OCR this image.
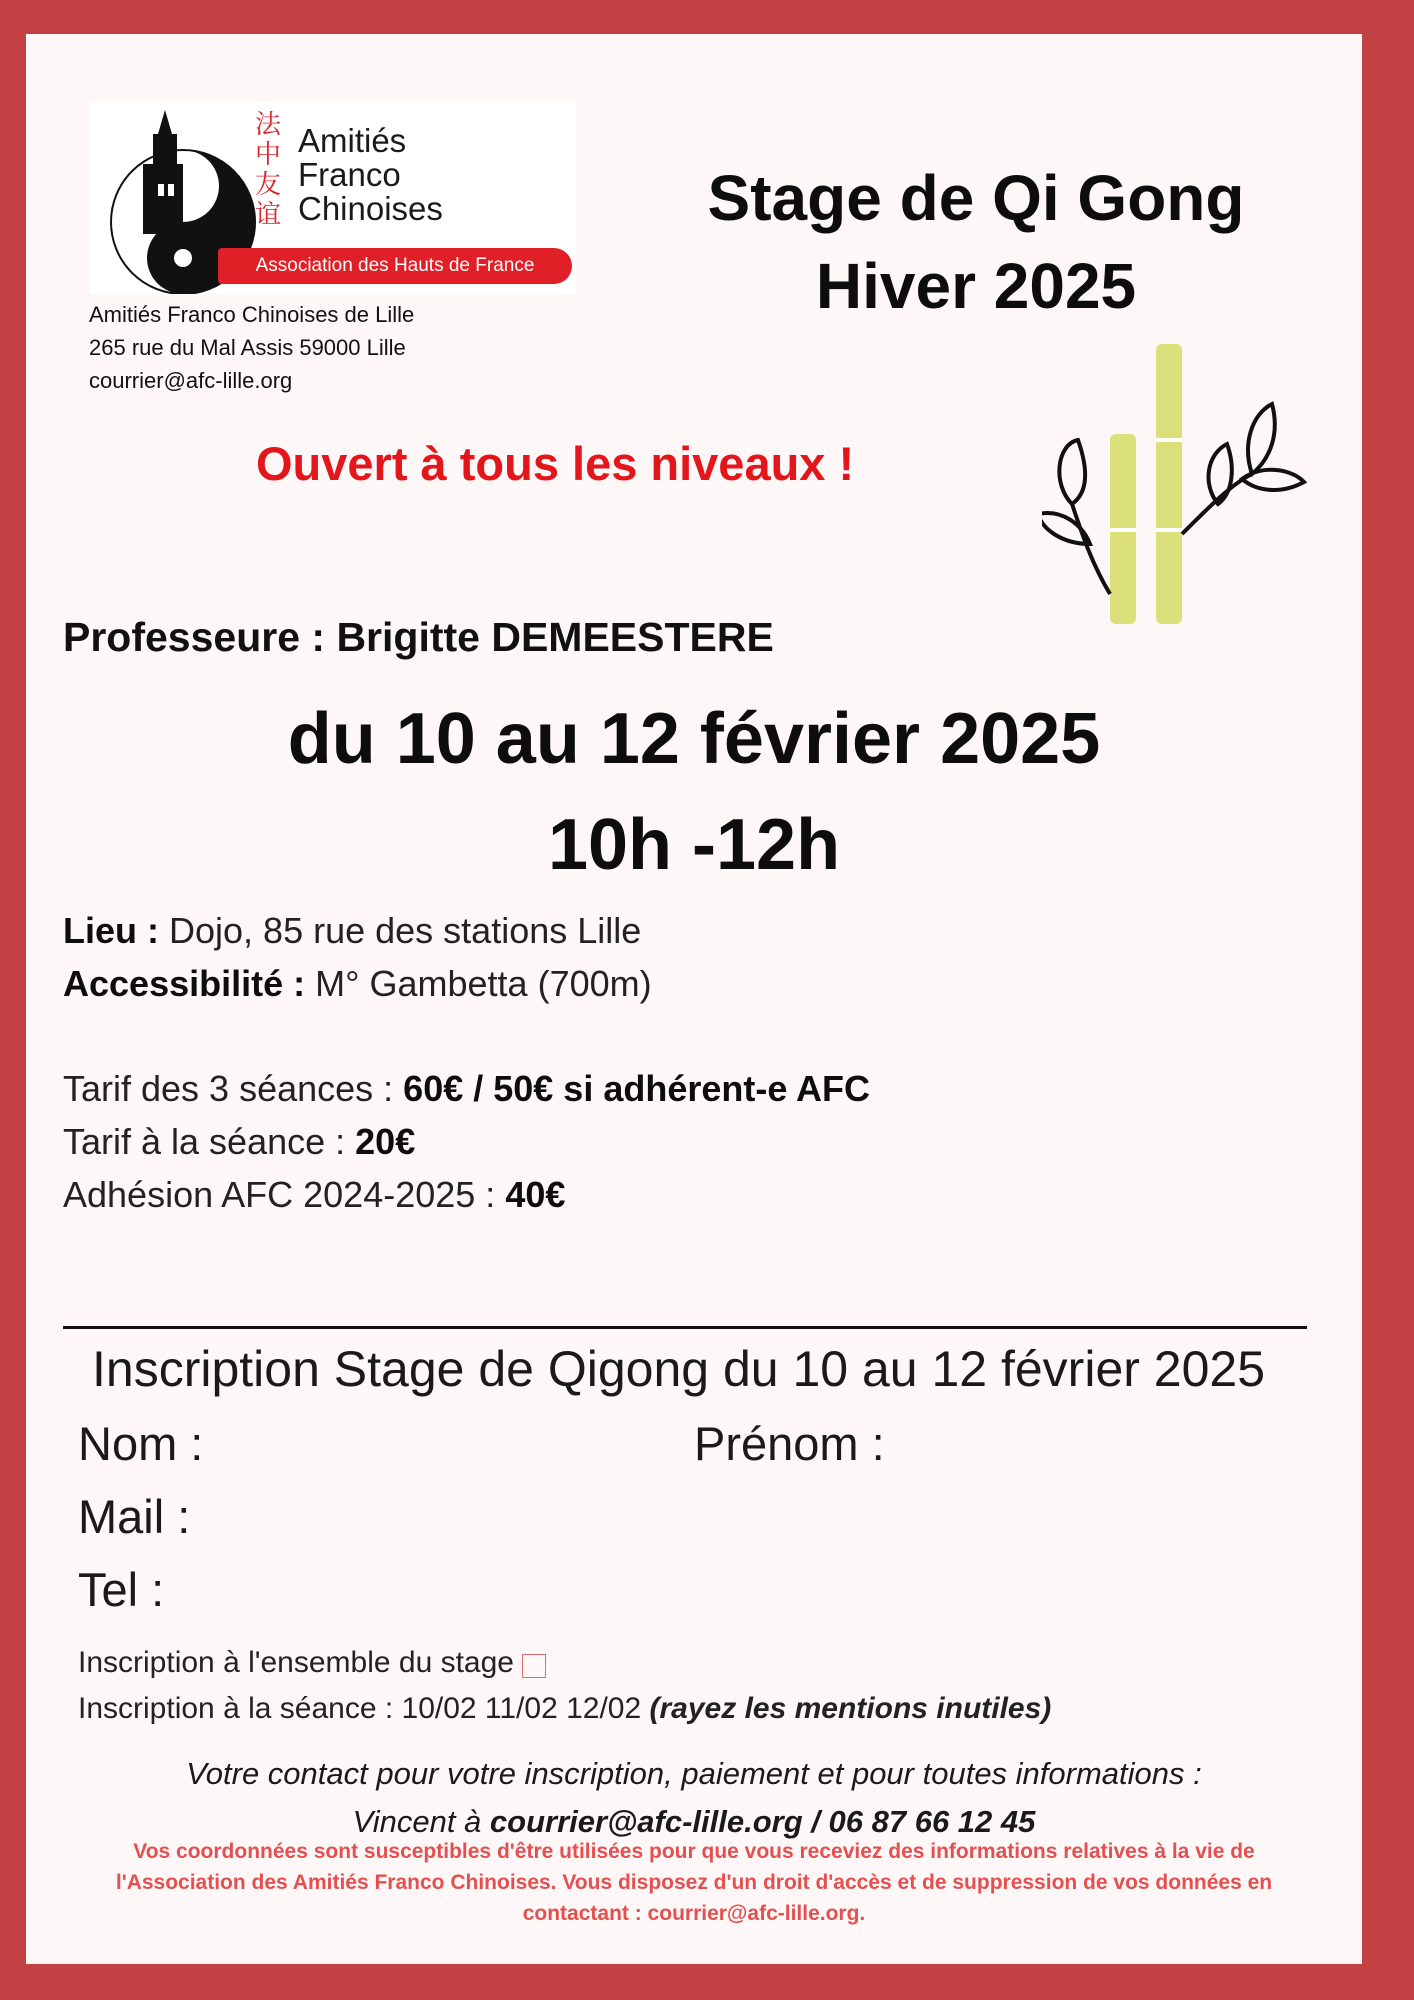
法
中
友
谊
Amitiés
Franco
Chinoises
Association des Hauts de France
Amitiés Franco Chinoises de Lille
265 rue du Mal Assis 59000 Lille
courrier@afc-lille.org
Stage de Qi Gong
Hiver 2025
Ouvert à tous les niveaux !
Professeure : Brigitte DEMEESTERE
du 10 au 12 février 2025
10h -12h
Lieu : Dojo, 85 rue des stations Lille
Accessibilité : M° Gambetta (700m)
Tarif des 3 séances : 60€ / 50€ si adhérent-e AFC
Tarif à la séance : 20€
Adhésion AFC 2024-2025 : 40€
Inscription Stage de Qigong du 10 au 12 février 2025
Nom :	Prénom :
Mail :
Tel :
Inscription à l'ensemble du stage
Inscription à la séance : 10/02 11/02 12/02 (rayez les mentions inutiles)
Votre contact pour votre inscription, paiement et pour toutes informations :
Vincent à courrier@afc-lille.org / 06 87 66 12 45
Vos coordonnées sont susceptibles d'être utilisées pour que vous receviez des informations relatives à la vie de l'Association des Amitiés Franco Chinoises. Vous disposez d'un droit d'accès et de suppression de vos données en contactant : courrier@afc-lille.org.
